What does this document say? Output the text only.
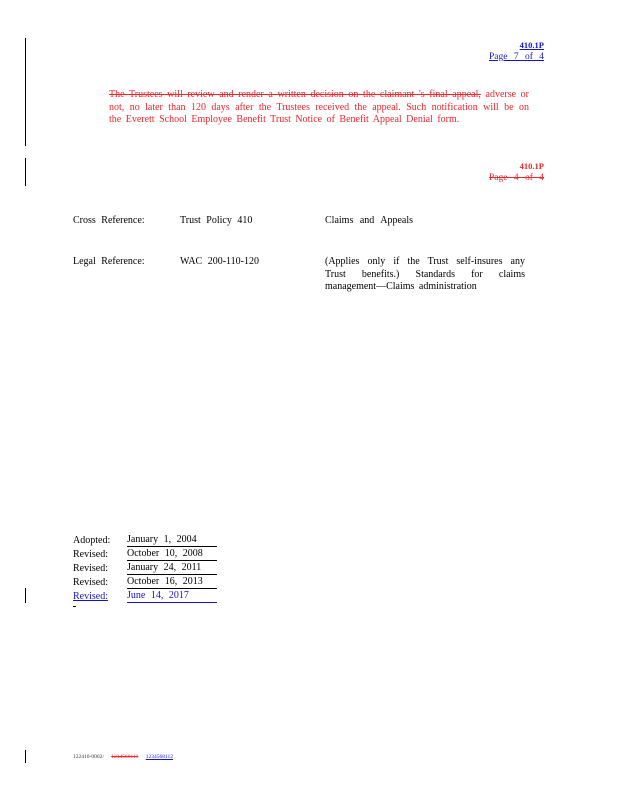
410.1P
Page 7 of 4
The Trustees will review and render a written decision on the claimant 's final appeal, adverse or not, no later than 120 days after the Trustees received the appeal. Such notification will be on the Everett School Employee Benefit Trust Notice of Benefit Appeal Denial form.
410.1P
Page 4 of 4
Cross Reference:	Trust Policy 410	Claims and Appeals
Legal Reference:	WAC 200-110-120	(Applies only if the Trust self-insures any Trust benefits.) Standards for claims management—Claims administration
Adopted: January 1, 2004
Revised: October 10, 2008
Revised: January 24, 2011
Revised: October 16, 2013
Revised: June 14, 2017
122410-0002/ 1234568111 1234568112
